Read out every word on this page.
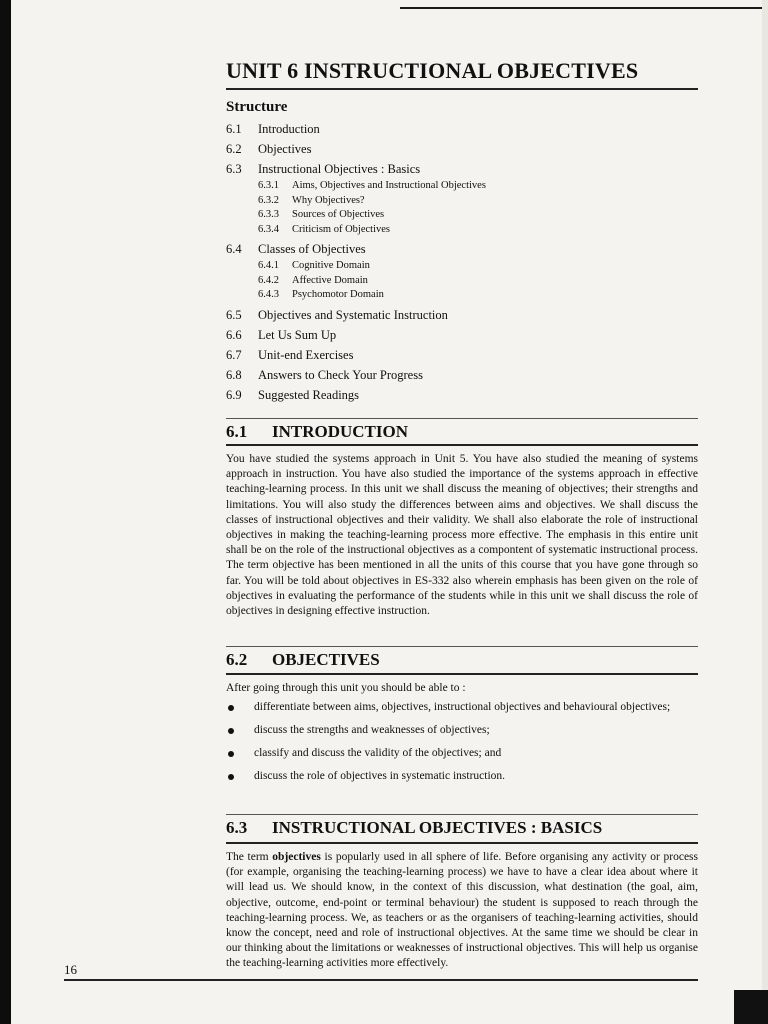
UNIT 6 INSTRUCTIONAL OBJECTIVES
Structure
6.1 Introduction
6.2 Objectives
6.3 Instructional Objectives : Basics
6.3.1 Aims, Objectives and Instructional Objectives
6.3.2 Why Objectives?
6.3.3 Sources of Objectives
6.3.4 Criticism of Objectives
6.4 Classes of Objectives
6.4.1 Cognitive Domain
6.4.2 Affective Domain
6.4.3 Psychomotor Domain
6.5 Objectives and Systematic Instruction
6.6 Let Us Sum Up
6.7 Unit-end Exercises
6.8 Answers to Check Your Progress
6.9 Suggested Readings
6.1 INTRODUCTION

You have studied the systems approach in Unit 5. You have also studied the meaning of systems approach in instruction. You have also studied the importance of the systems approach in effective teaching-learning process. In this unit we shall discuss the meaning of objectives; their strengths and limitations. You will also study the differences between aims and objectives. We shall discuss the classes of instructional objectives and their validity. We shall also elaborate the role of instructional objectives in making the teaching-learning process more effective. The emphasis in this entire unit shall be on the role of the instructional objectives as a compontent of systematic instructional process. The term objective has been mentioned in all the units of this course that you have gone through so far. You will be told about objectives in ES-332 also wherein emphasis has been given on the role of objectives in evaluating the performance of the students while in this unit we shall discuss the role of objectives in designing effective instruction.

6.2 OBJECTIVES

After going through this unit you should be able to :

differentiate between aims, objectives, instructional objectives and behavioural objectives;
discuss the strengths and weaknesses of objectives;
classify and discuss the validity of the objectives; and
discuss the role of objectives in systematic instruction.
6.3 INSTRUCTIONAL OBJECTIVES : BASICS

The term objectives is popularly used in all sphere of life. Before organising any activity or process (for example, organising the teaching-learning process) we have to have a clear idea about where it will lead us. We should know, in the context of this discussion, what destination (the goal, aim, objective, outcome, end-point or terminal behaviour) the student is supposed to reach through the teaching-learning process. We, as teachers or as the organisers of teaching-learning activities, should know the concept, need and role of instructional objectives. At the same time we should be clear in our thinking about the limitations or weaknesses of instructional objectives. This will help us organise the teaching-learning activities more effectively.

16
